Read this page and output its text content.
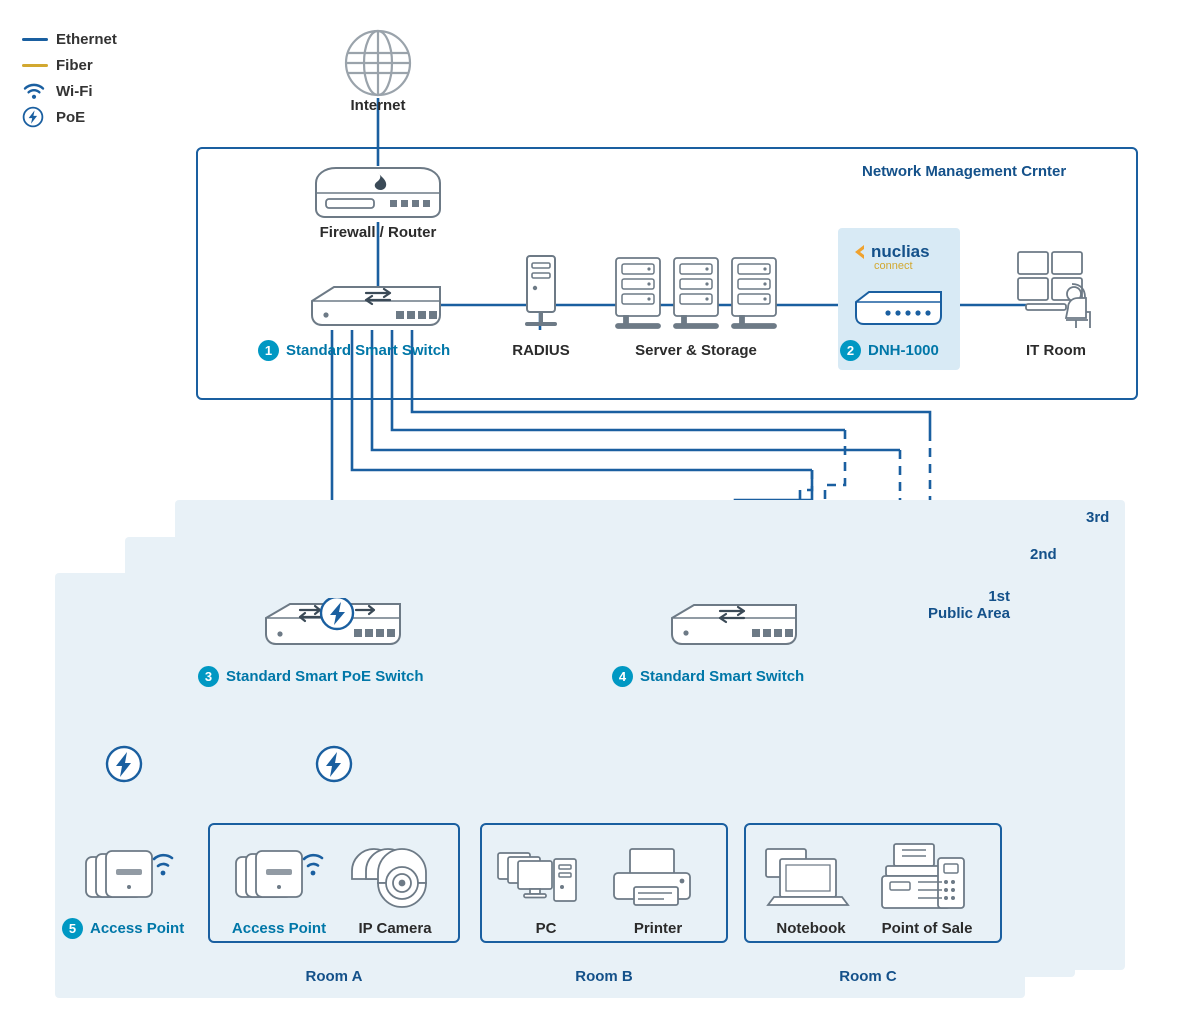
Ethernet
Fiber
Wi-Fi
PoE
Network Management Crnter
Internet
Firewall / Router
1 Standard Smart Switch	RADIUS	Server & Storage
nuclias
connect
2 DNH-1000	IT Room
3rd
2nd
1st
Public Area
3 Standard Smart PoE Switch	4 Standard Smart Switch
5 Access Point	Access Point	IP Camera
Room A
PC	Printer
Room B
Notebook	Point of Sale
Room C
